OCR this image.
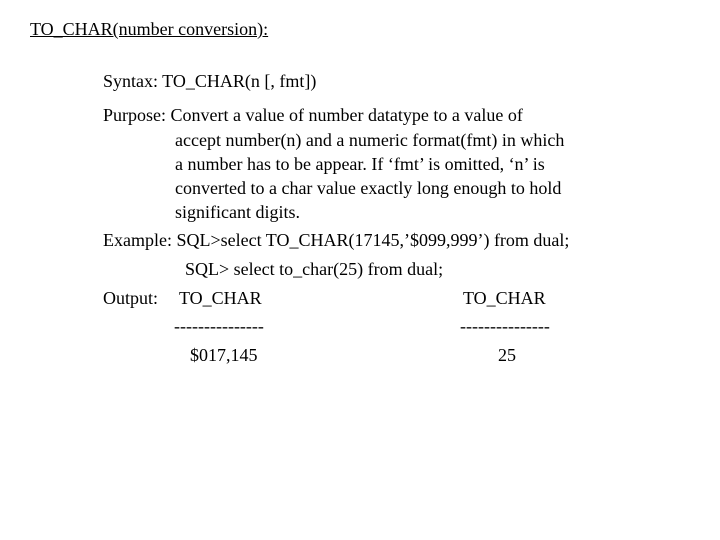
TO_CHAR(number conversion):
Syntax: TO_CHAR(n [, fmt])
Purpose: Convert a value of number datatype to a value of
accept number(n) and a numeric format(fmt) in which
a number has to be appear. If ‘fmt’ is omitted, ‘n’ is
converted to a char value exactly long enough to hold
significant digits.
Example: SQL>select TO_CHAR(17145,’$099,999’) from dual;
SQL> select to_char(25) from dual;
Output: TO_CHAR	TO_CHAR
---------------	---------------
$017,145	25
